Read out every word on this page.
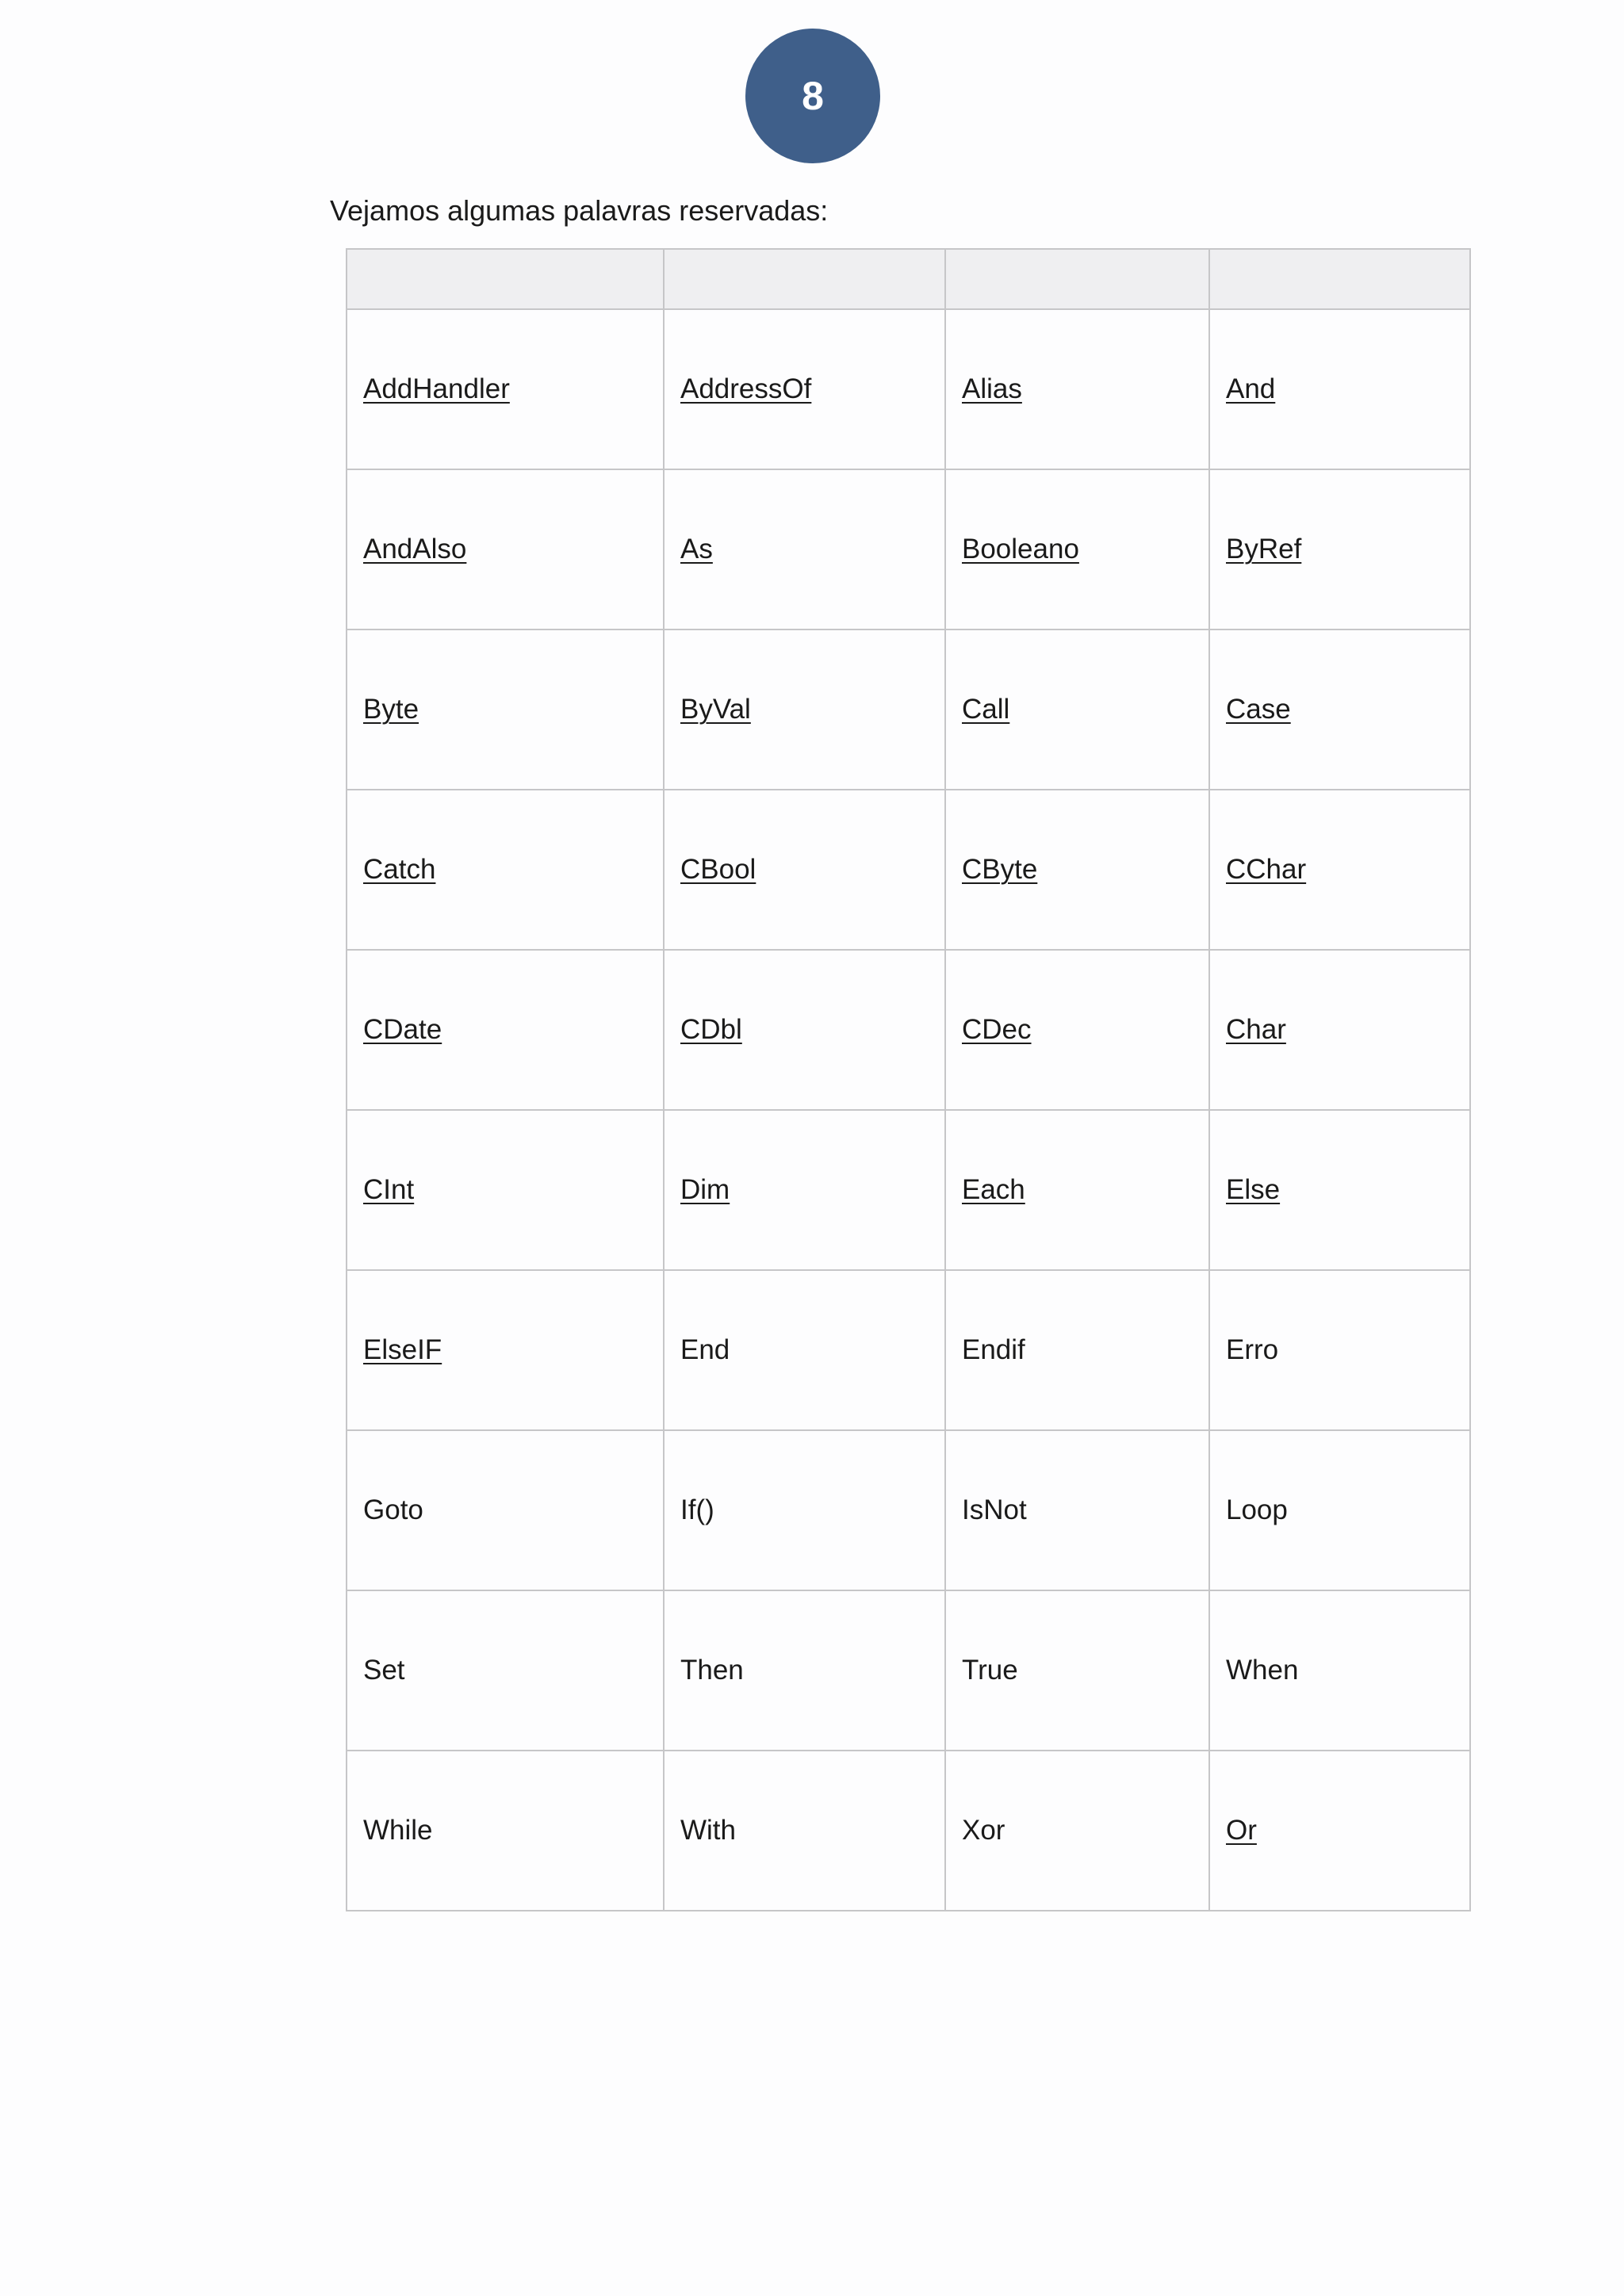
8

Vejamos algumas palavras reservadas:

AddHandler	AddressOf	Alias	And
AndAlso	As	Booleano	ByRef
Byte	ByVal	Call	Case
Catch	CBool	CByte	CChar
CDate	CDbl	CDec	Char
CInt	Dim	Each	Else
ElseIF	End	Endif	Erro
Goto	If()	IsNot	Loop
Set	Then	True	When
While	With	Xor	Or
